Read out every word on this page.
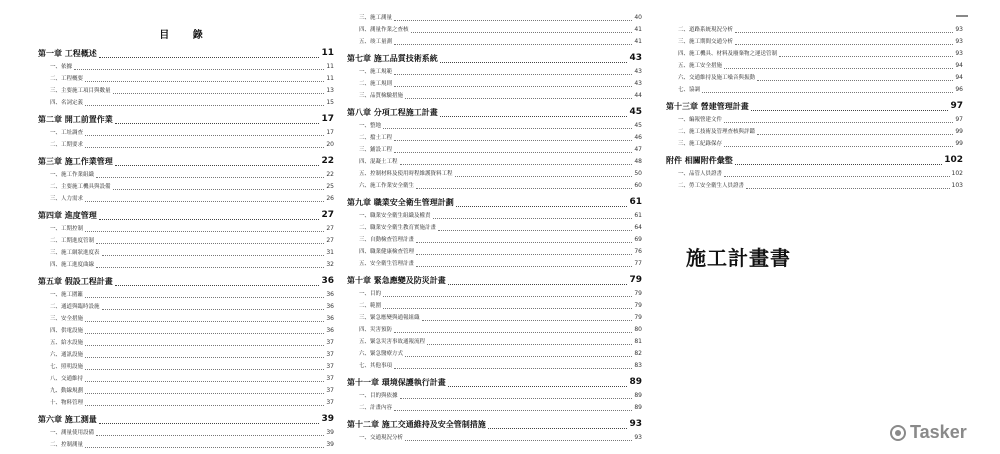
目 錄
第一章 工程概述	11
一、依據	11
二、工程概要	11
三、主要施工項目與數量	13
四、名詞定義	15
第二章 開工前置作業	17
一、工址調查	17
二、工期要求	20
第三章 施工作業管理	22
一、施工作業組織	22
二、主要施工機具與設備	25
三、人力需求	26
第四章 進度管理	27
一、工期控制	27
二、工期進度管制	27
三、施工網狀進度表	31
四、施工進度曲線	32
第五章 假設工程計畫	36
一、施工圍籬	36
二、通道與臨時設施	36
三、安全措施	36
四、供電設施	36
五、給水設施	37
六、通訊設施	37
七、照明設施	37
八、交通維持	37
九、動線規劃	37
十、物料管理	37
第六章 施工測量	39
一、測量使用設備	39
二、控制測量	39
三、施工測量	40
四、測量作業之查核	41
五、竣工量測	41
第七章 施工品質技術系統	43
一、施工規範	43
二、施工規則	43
三、品質檢驗措施	44
第八章 分項工程施工計畫	45
一、整地	45
二、擋土工程	46
三、鋪設工程	47
四、混凝土工程	48
五、控制材料及使用時程維護資料工程	50
六、施工作業安全衛生	60
第九章 職業安全衛生管理計劃	61
一、職業安全衛生組織及權責	61
二、職業安全衛生教育實施計畫	64
三、自動檢查管理計畫	69
四、職業健康檢查管理	76
五、安全衛生管理計畫	77
第十章 緊急應變及防災計畫	79
一、目的	79
二、範圍	79
三、緊急應變與通報組織	79
四、災害預防	80
五、緊急災害事故通報流程	81
六、緊急醫療方式	82
七、其他事項	83
第十一章 環境保護執行計畫	89
一、目的與依據	89
二、計畫內容	89
第十二章 施工交通維持及安全管制措施	93
一、交通現況分析	93
二、道路系統現況分析	93
三、施工期間交通分析	93
四、施工機具、材料及廢棄物之運送管制	93
五、施工安全措施	94
六、交通維持及施工噪音與振動	94
七、協調	96
第十三章 營建管理計畫	97
一、編報營建文件	97
二、施工技術及管理查核與評鑑	99
三、施工紀錄保存	99
附件 相關附件彙整	102
一、品管人員證書	102
二、勞工安全衛生人員證書	103
施工計畫書
Tasker
